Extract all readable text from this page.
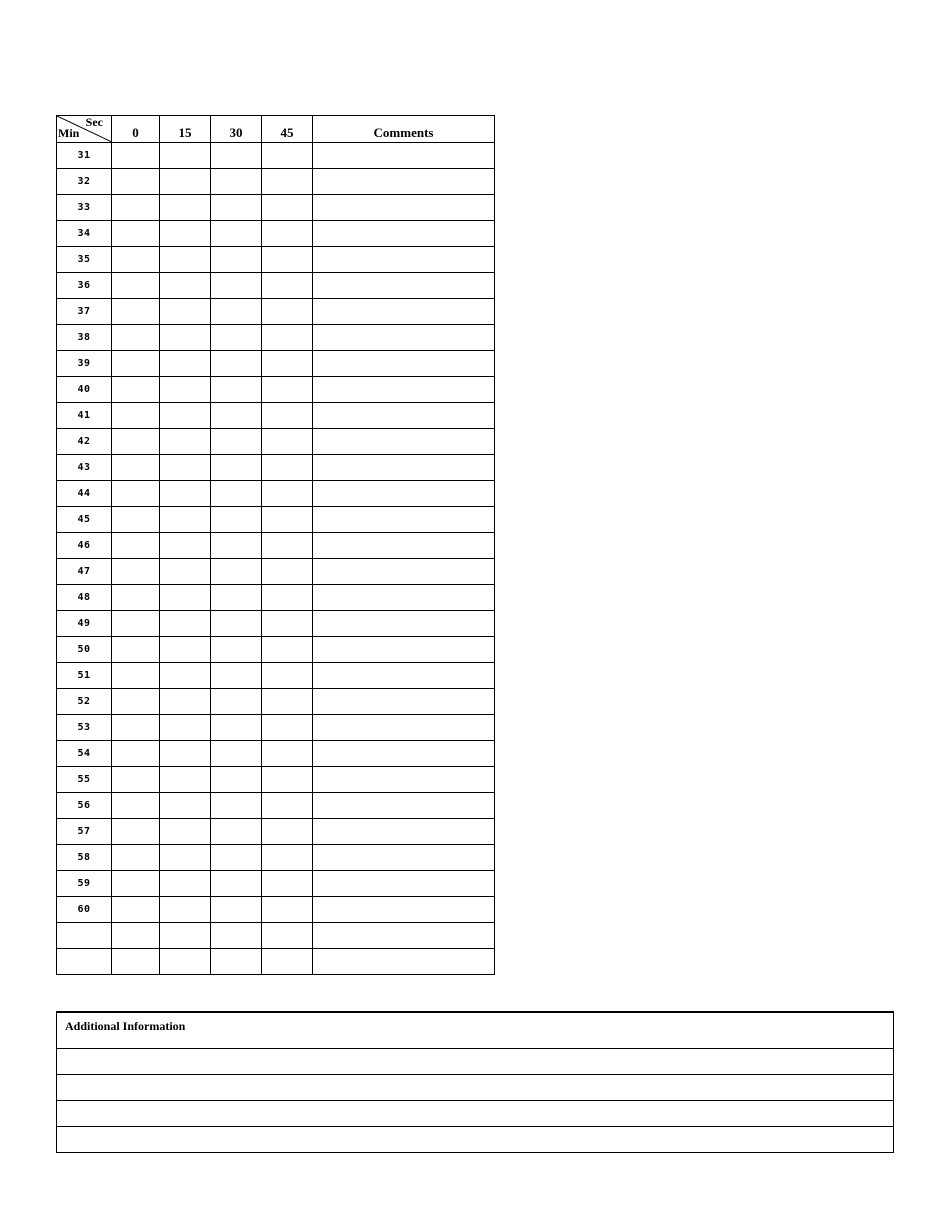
Sec
Min	0	15	30	45	Comments
31					
32					
33					
34					
35					
36					
37					
38					
39					
40					
41					
42					
43					
44					
45					
46					
47					
48					
49					
50					
51					
52					
53					
54					
55					
56					
57					
58					
59					
60					

Additional Information
